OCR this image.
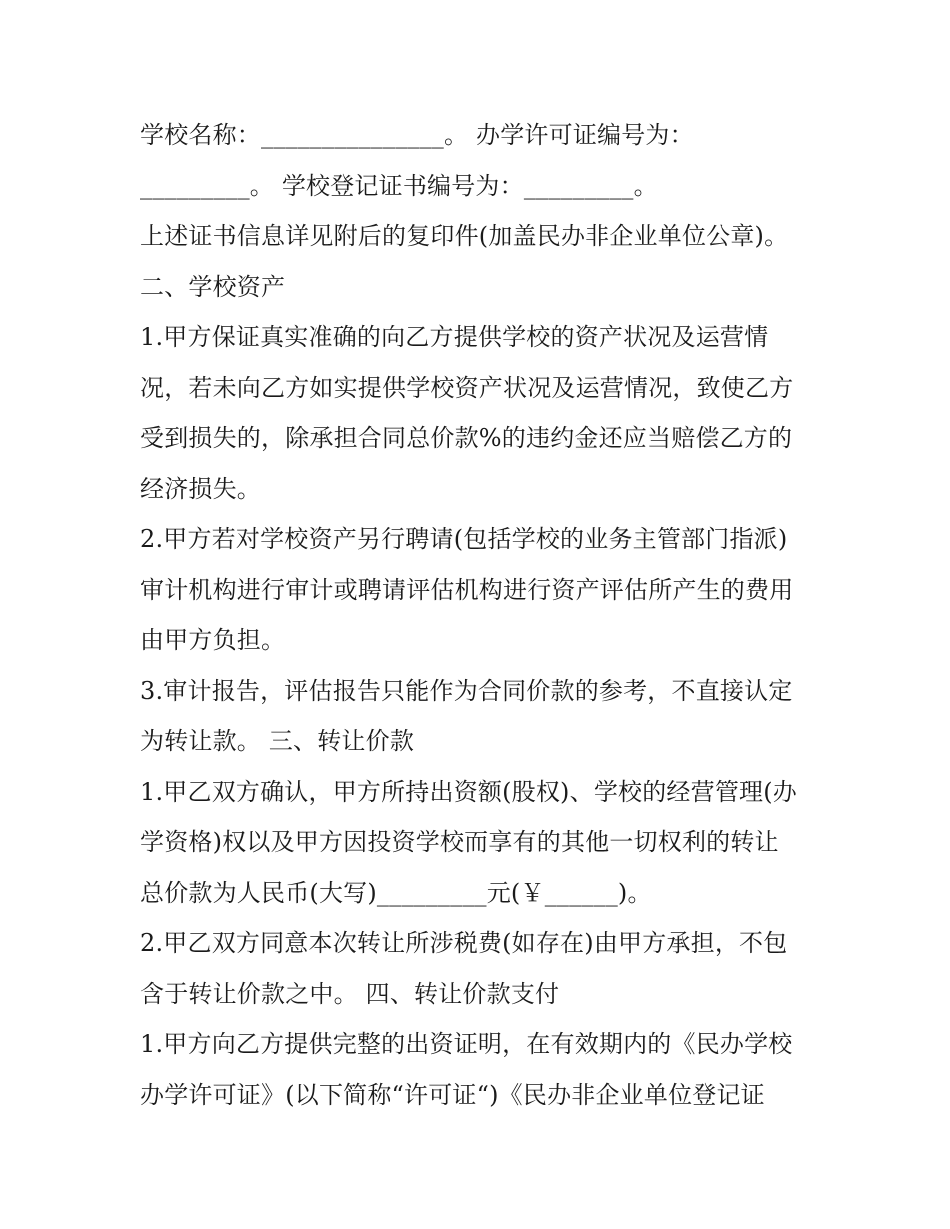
学校名称：_______________。 办学许可证编号为：
_________。 学校登记证书编号为：_________。
上述证书信息详见附后的复印件(加盖民办非企业单位公章)。
二、学校资产
1.甲方保证真实准确的向乙方提供学校的资产状况及运营情
况，若未向乙方如实提供学校资产状况及运营情况，致使乙方
受到损失的，除承担合同总价款%的违约金还应当赔偿乙方的
经济损失。
2.甲方若对学校资产另行聘请(包括学校的业务主管部门指派)
审计机构进行审计或聘请评估机构进行资产评估所产生的费用
由甲方负担。
3.审计报告，评估报告只能作为合同价款的参考，不直接认定
为转让款。 三、转让价款
1.甲乙双方确认，甲方所持出资额(股权)、学校的经营管理(办
学资格)权以及甲方因投资学校而享有的其他一切权利的转让
总价款为人民币(大写)_________元(￥______)。
2.甲乙双方同意本次转让所涉税费(如存在)由甲方承担，不包
含于转让价款之中。 四、转让价款支付
1.甲方向乙方提供完整的出资证明，在有效期内的《民办学校
办学许可证》(以下简称“许可证“)《民办非企业单位登记证
